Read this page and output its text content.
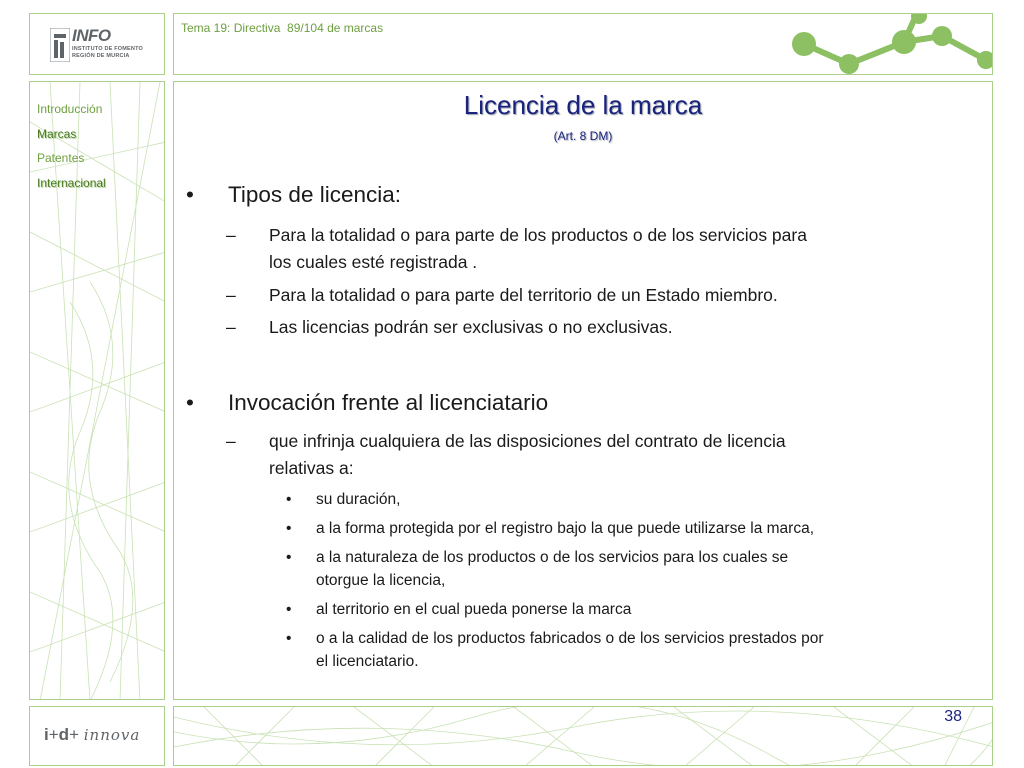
INFO
INSTITUTO DE FOMENTO
REGIÓN DE MURCIA
Tema 19: Directiva  89/104 de marcas
Introducción
Marcas
Patentes
Internacional
Licencia de la marca
(Art. 8 DM)
• Tipos de licencia:
– Para la totalidad o para parte de los productos o de los servicios para
los cuales esté registrada .
– Para la totalidad o para parte del territorio de un Estado miembro.
– Las licencias podrán ser exclusivas o no exclusivas.
• Invocación frente al licenciatario
– que infrinja cualquiera de las disposiciones del contrato de licencia
relativas a:
• su duración,
• a la forma protegida por el registro bajo la que puede utilizarse la marca,
• a la naturaleza de los productos o de los servicios para los cuales se
otorgue la licencia,
• al territorio en el cual pueda ponerse la marca
• o a la calidad de los productos fabricados o de los servicios prestados por
el licenciatario.
i+d+ innova
38
